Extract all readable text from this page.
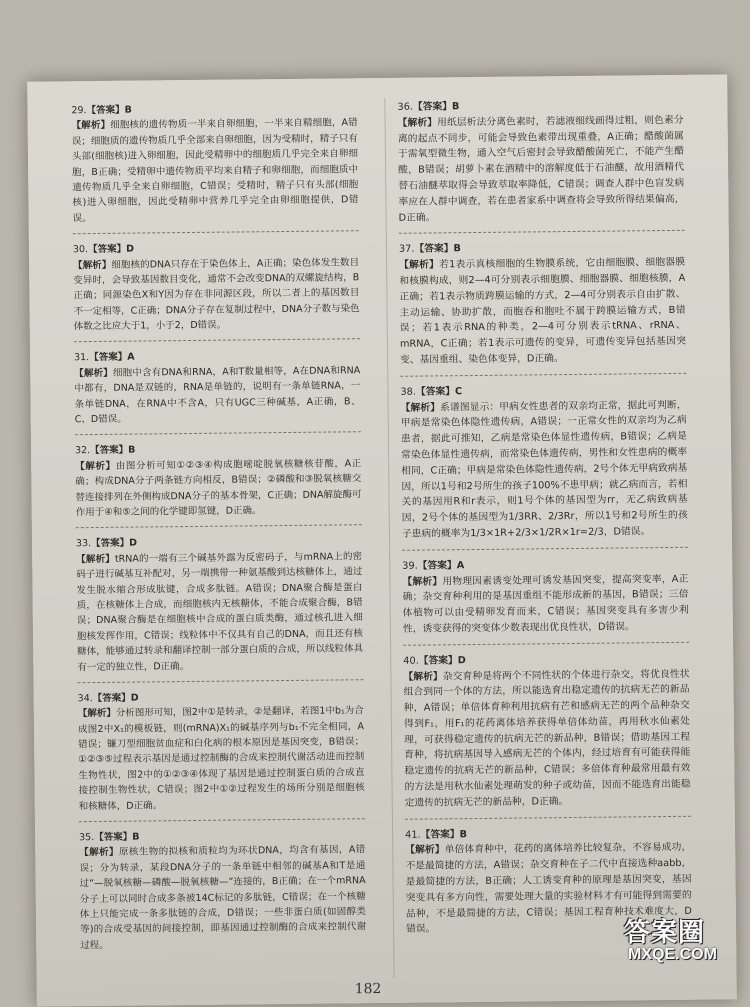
29.【答案】B
【解析】细胞核的遗传物质一半来自卵细胞，一半来自精细胞，A错误；细胞质的遗传物质几乎全部来自卵细胞，因为受精时，精子只有头部(细胞核)进入卵细胞，因此受精卵中的细胞质几乎完全来自卵细胞，B正确；受精卵中遗传物质平均来自精子和卵细胞，而细胞质中遗传物质几乎全来自卵细胞，C错误；受精时，精子只有头部(细胞核)进入卵细胞，因此受精卵中营养几乎完全由卵细胞提供，D错误。
30.【答案】D
【解析】细胞核的DNA只存在于染色体上，A正确；染色体发生数目变异时，会导致基因数目变化，通常不会改变DNA的双螺旋结构，B正确；同源染色X和Y因为存在非同源区段，所以二者上的基因数目不一定相等，C正确；DNA分子存在复制过程中，DNA分子数与染色体数之比应大于1，小于2，D错误。
31.【答案】A
【解析】细胞中含有DNA和RNA，A和T数量相等，A在DNA和RNA中都有，DNA是双链的，RNA是单链的，说明有一条单链RNA，一条单链DNA，在RNA中不含A，只有UGC三种碱基，A正确，B、C、D错误。
32.【答案】B
【解析】由图分析可知①②③④构成胞嘧啶脱氧核糖核苷酸，A正确；构成DNA分子两条链方向相反，B错误；②磷酸和③脱氧核糖交替连接排列在外侧构成DNA分子的基本骨架，C正确；DNA解旋酶可作用于④和⑤之间的化学键即氢键，D正确。
33.【答案】D
【解析】tRNA的一端有三个碱基外露为反密码子，与mRNA上的密码子进行碱基互补配对，另一端携带一种氨基酸到达核糖体上，通过发生脱水缩合形成肽键，合成多肽链。A错误；DNA聚合酶是蛋白质，在核糖体上合成，而细胞核内无核糖体，不能合成聚合酶，B错误；DNA聚合酶是在细胞核中合成的蛋白质类酶，通过核孔进入细胞核发挥作用，C错误；线粒体中不仅具有自己的DNA，而且还有核糖体，能够通过转录和翻译控制一部分蛋白质的合成，所以线粒体具有一定的独立性，D正确。
34.【答案】D
【解析】分析图形可知，图2中①是转录，②是翻译，若图1中b₁为合成图2中X₁的模板链，则(mRNA)X₁的碱基序列与b₁不完全相同，A错误；镰刀型细胞贫血症和白化病的根本原因是基因突变，B错误；①②③⑤过程表示基因是通过控制酶的合成来控制代谢活动进而控制生物性状，图2中的①②③④体现了基因是通过控制蛋白质的合成直接控制生物性状，C错误；图2中①②过程发生的场所分别是细胞核和核糖体，D正确。
35.【答案】B
【解析】原核生物的拟核和质粒均为环状DNA，均含有基因，A错误；分为转录，某段DNA分子的一条单链中相邻的碱基A和T是通过“—脱氧核糖—磷酸—脱氧核糖—”连接的，B正确；在一个mRNA分子上可以同时合成多条被14C标记的多肽链，C错误；在一个核糖体上只能完成一条多肽链的合成，D错误；一些非蛋白质(如固醇类等)的合成受基因的间接控制，即基因通过控制酶的合成来控制代谢过程。
36.【答案】B
【解析】用纸层析法分离色素时，若滤液细线画得过粗，则色素分离的起点不同步，可能会导致色素带出现重叠，A正确；醋酸菌属于需氧型微生物，通入空气后密封会导致醋酸菌死亡，不能产生醋酸，B错误；胡萝卜素在酒精中的溶解度低于石油醚，故用酒精代替石油醚萃取得会导致萃取率降低，C错误；调查人群中色盲发病率应在人群中调查，若在患者家系中调查将会导致所得结果偏高，D正确。
37.【答案】B
【解析】若1表示真核细胞的生物膜系统，它由细胞膜、细胞器膜和核膜构成，则2—4可分别表示细胞膜、细胞器膜、细胞核膜，A正确；若1表示物质跨膜运输的方式，2—4可分别表示自由扩散、主动运输、协助扩散，而胞吞和胞吐不属于跨膜运输方式，B错误；若1表示RNA的种类，2—4可分别表示tRNA、rRNA、mRNA，C正确；若1表示可遗传的变异，可遗传变异包括基因突变、基因重组、染色体变异，D正确。
38.【答案】C
【解析】系谱图显示：甲病女性患者的双亲均正常，据此可判断，甲病是常染色体隐性遗传病，A错误；一正常女性的双亲均为乙病患者，据此可推知，乙病是常染色体显性遗传病，B错误；乙病是常染色体显性遗传病，而常染色体遗传病，男性和女性患病的概率相同，C正确；甲病是常染色体隐性遗传病，2号个体无甲病致病基因，所以1号和2号所生的孩子100%不患甲病；就乙病而言，若相关的基因用R和r表示，则1号个体的基因型为rr，无乙病致病基因，2号个体的基因型为1/3RR、2/3Rr，所以1号和2号所生的孩子患病的概率为1/3×1R+2/3×1/2R×1r=2/3，D错误。
39.【答案】A
【解析】用物理因素诱变处理可诱发基因突变，提高突变率，A正确；杂交育种利用的是基因重组不能形成新的基因，B错误；三倍体植物可以由受精卵发育而来，C错误；基因突变具有多害少利性，诱变获得的突变体少数表现出优良性状，D错误。
40.【答案】D
【解析】杂交育种是将两个不同性状的个体进行杂交，将优良性状组合到同一个体的方法，所以能选育出稳定遗传的抗病无芒的新品种，A错误；单倍体育种利用抗病有芒和感病无芒的两个品种杂交得到F₁，用F₁的花药离体培养获得单倍体幼苗，再用秋水仙素处理，可获得稳定遗传的抗病无芒的新品种，B错误；借助基因工程育种，将抗病基因导入感病无芒的个体内，经过培育有可能获得能稳定遗传的抗病无芒的新品种，C错误；多倍体育种最常用最有效的方法是用秋水仙素处理萌发的种子或幼苗，因而不能选育出能稳定遗传的抗病无芒的新品种，D正确。
41.【答案】B
【解析】单倍体育种中，花药的离体培养比较复杂，不容易成功，不是最简捷的方法，A错误；杂交育种在子二代中直接选种aabb，是最简捷的方法，B正确；人工诱变育种的原理是基因突变，基因突变具有多方向性，需要处理大量的实验材料才有可能得到需要的品种，不是最简捷的方法，C错误；基因工程育种技术难度大，D错误。
182
答案圈
MXQE.COM
